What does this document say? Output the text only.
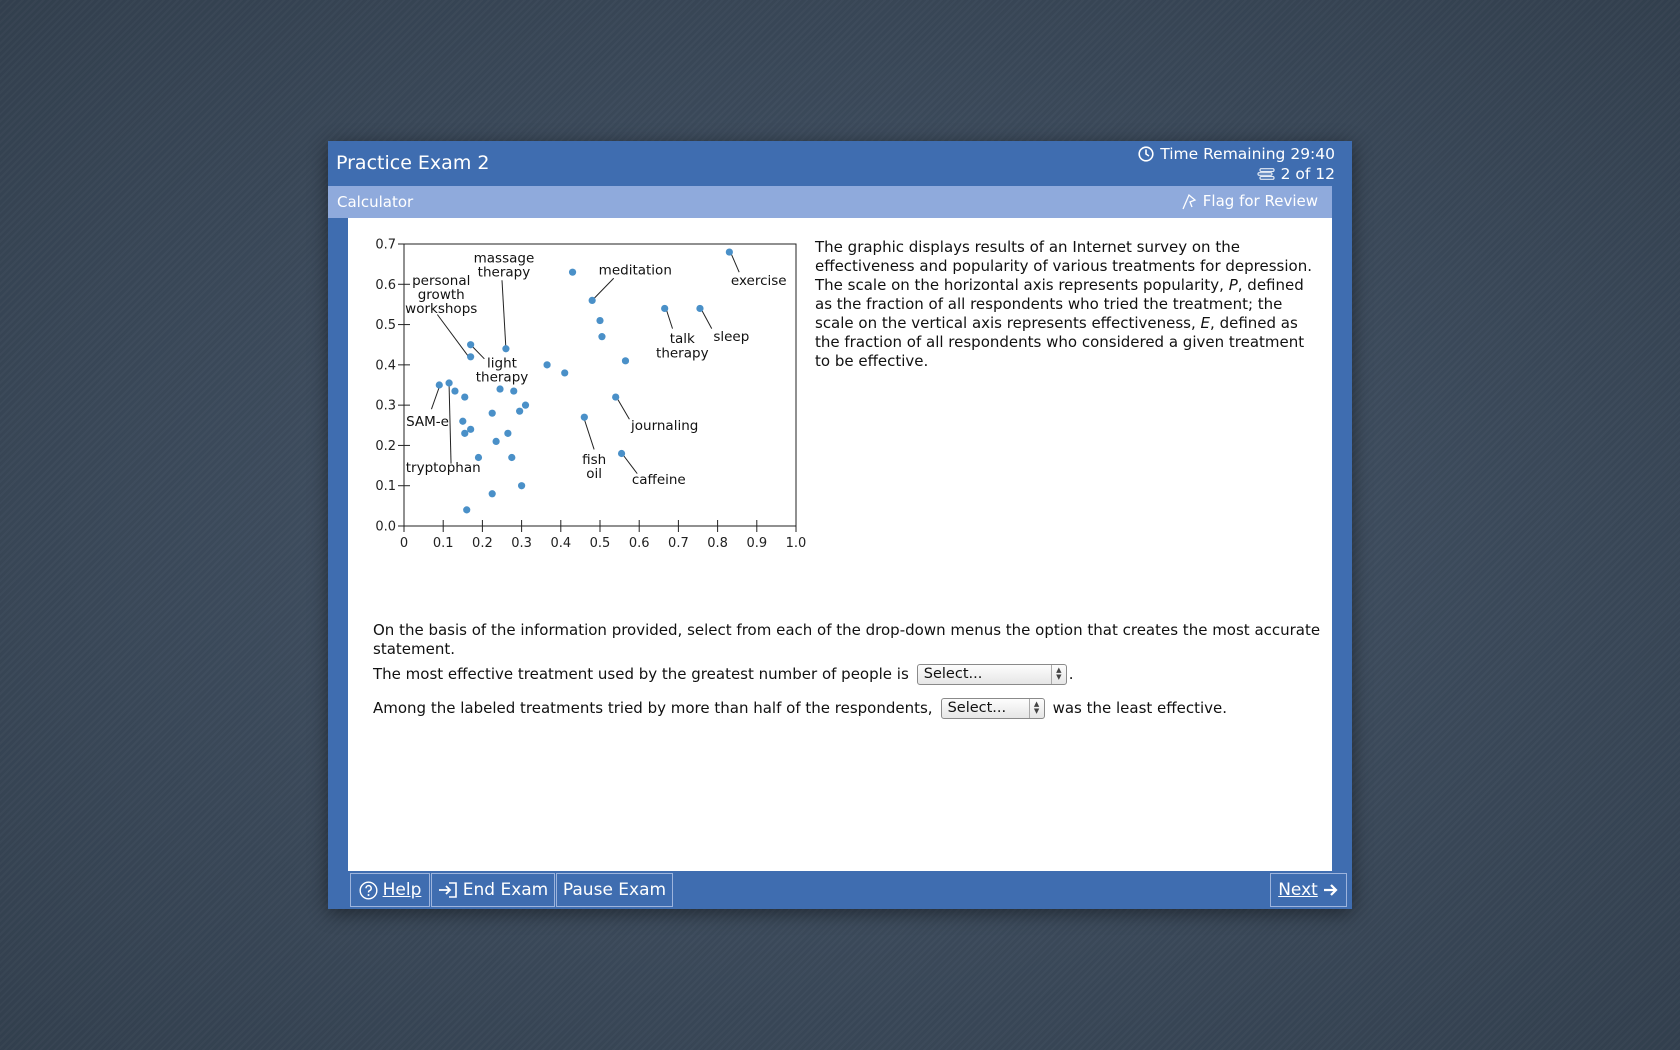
Practice Exam 2	Time Remaining 29:40
2 of 12
Calculator	Flag for Review
0 0.1 0.2 0.3 0.4 0.5 0.6 0.7 0.8 0.9 1.0
0.0
0.1
0.2
0.3
0.4
0.5
0.6
0.7
massage
therapy	meditation
exercise
personal
growth
workshops
talk
therapy
sleep
light
therapy
SAM-e	journaling
fish
oil
tryptophan
caffeine
The graphic displays results of an Internet survey on the effectiveness and popularity of various treatments for depression. The scale on the horizontal axis represents popularity, P, defined as the fraction of all respondents who tried the treatment; the scale on the vertical axis represents effectiveness, E, defined as the fraction of all respondents who considered a given treatment to be effective.
On the basis of the information provided, select from each of the drop-down menus the option that creates the most accurate statement.
The most effective treatment used by the greatest number of people is Select...	▲
▼ .
Among the labeled treatments tried by more than half of the respondents, Select...	▲
▼ was the least effective.
Help End Exam Pause Exam	Next
